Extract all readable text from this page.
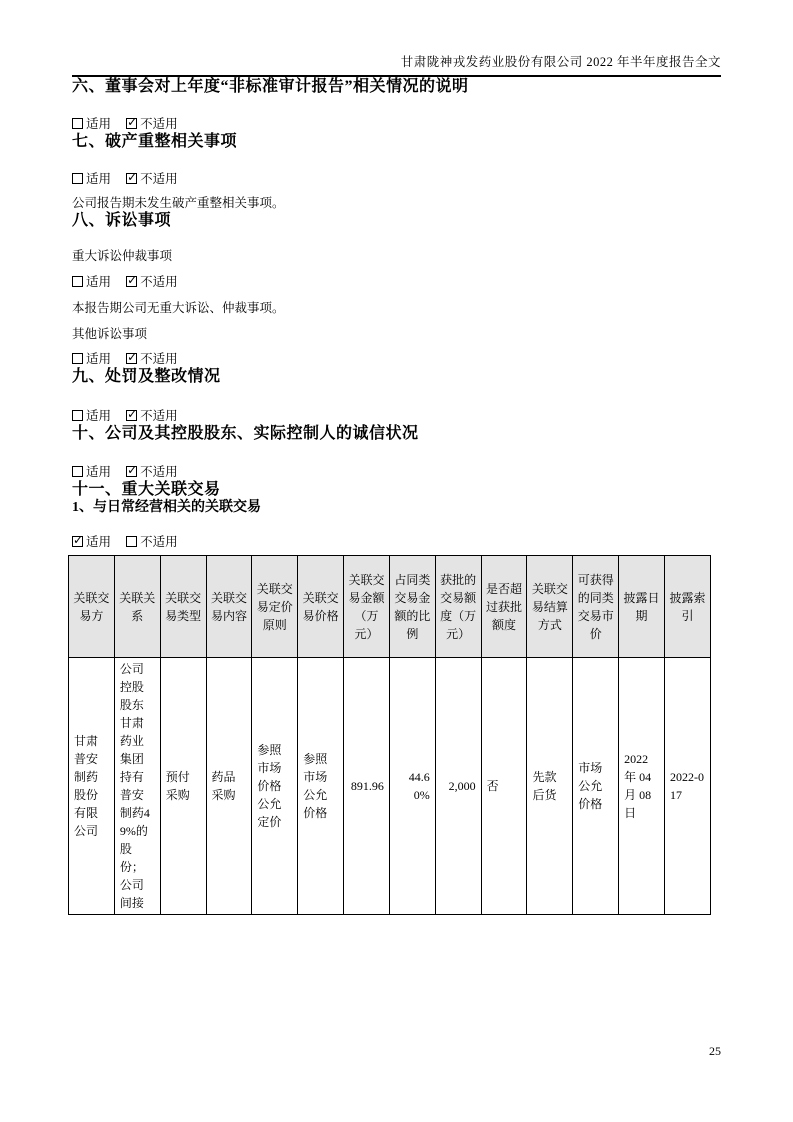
甘肃陇神戎发药业股份有限公司 2022 年半年度报告全文
六、董事会对上年度“非标准审计报告”相关情况的说明
适用 ✓ 不适用
七、破产重整相关事项
适用 ✓ 不适用
公司报告期未发生破产重整相关事项。
八、诉讼事项
重大诉讼仲裁事项
适用 ✓ 不适用
本报告期公司无重大诉讼、仲裁事项。
其他诉讼事项
适用 ✓ 不适用
九、处罚及整改情况
适用 ✓ 不适用
十、公司及其控股股东、实际控制人的诚信状况
适用 ✓ 不适用
十一、重大关联交易
1、与日常经营相关的关联交易
✓适用 不适用
关联交易方	关联关系	关联交易类型	关联交易内容	关联交易定价原则	关联交易价格	关联交易金额（万元）	占同类交易金额的比例	获批的交易额度（万元）	是否超过获批额度	关联交易结算方式	可获得的同类交易市价	披露日期	披露索引
甘肃普安制药股份有限公司	公司控股股东甘肃药业集团持有普安制药49%的股份；公司间接	预付采购	药品采购	参照市场价格公允定价	参照市场公允价格	891.96	44.60%	2,000	否	先款后货	市场公允价格	2022 年 04 月 08 日	2022-017
25
